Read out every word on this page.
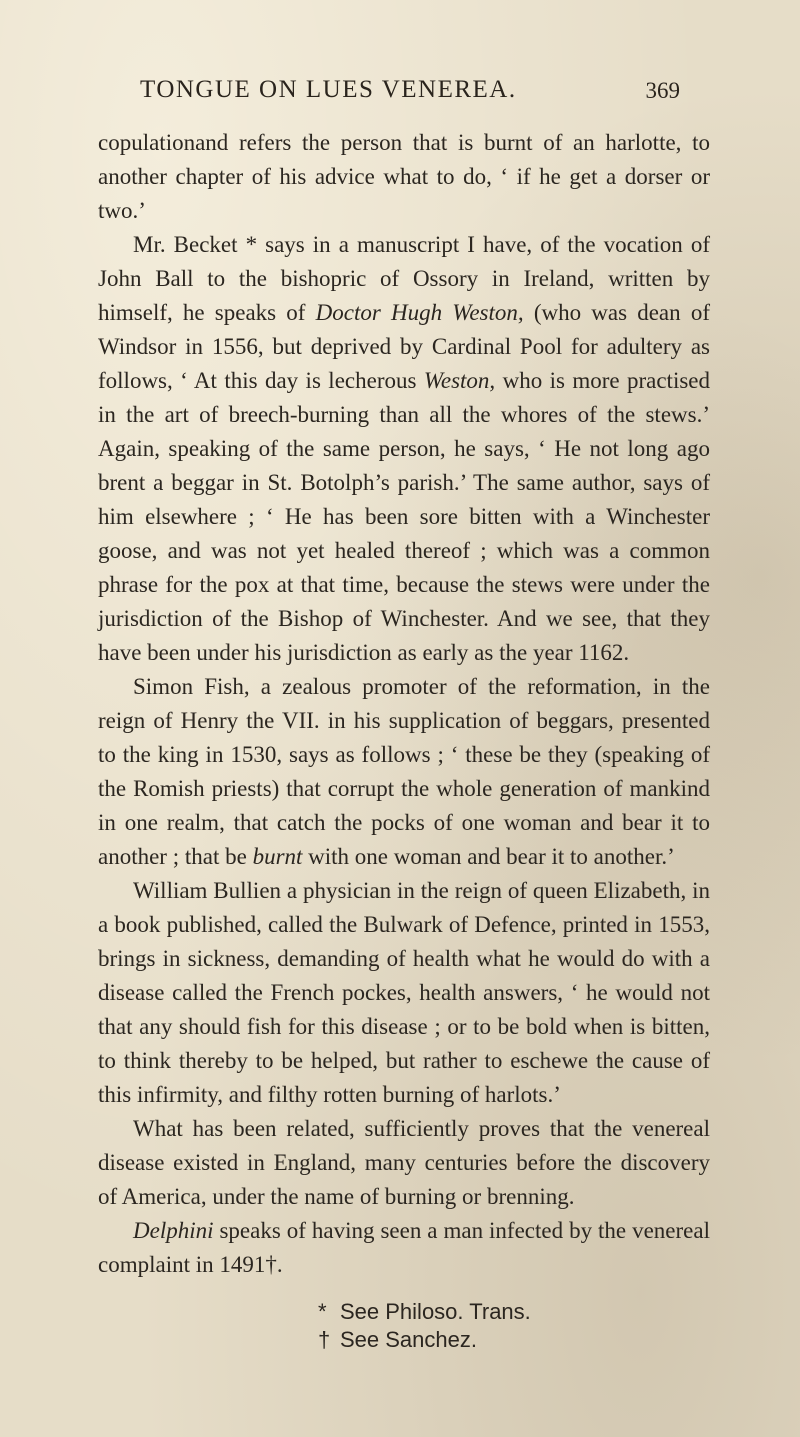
TONGUE ON LUES VENEREA.	369

copulationand refers the person that is burnt of an harlotte, to another chapter of his advice what to do, ‘ if he get a dorser or two.’

Mr. Becket * says in a manuscript I have, of the vocation of John Ball to the bishopric of Ossory in Ireland, written by himself, he speaks of Doctor Hugh Weston, (who was dean of Windsor in 1556, but deprived by Cardinal Pool for adultery as follows, ‘ At this day is lecherous Weston, who is more practised in the art of breech-burning than all the whores of the stews.’ Again, speaking of the same person, he says, ‘ He not long ago brent a beggar in St. Botolph’s parish.’ The same author, says of him elsewhere ; ‘ He has been sore bitten with a Winchester goose, and was not yet healed thereof ; which was a common phrase for the pox at that time, because the stews were under the jurisdiction of the Bishop of Winchester. And we see, that they have been under his jurisdiction as early as the year 1162.

Simon Fish, a zealous promoter of the reformation, in the reign of Henry the VII. in his supplication of beggars, presented to the king in 1530, says as follows ; ‘ these be they (speaking of the Romish priests) that corrupt the whole generation of mankind in one realm, that catch the pocks of one woman and bear it to another ; that be burnt with one woman and bear it to another.’

William Bullien a physician in the reign of queen Elizabeth, in a book published, called the Bulwark of Defence, printed in 1553, brings in sickness, demanding of health what he would do with a disease called the French pockes, health answers, ‘ he would not that any should fish for this disease ; or to be bold when is bitten, to think thereby to be helped, but rather to eschewe the cause of this infirmity, and filthy rotten burning of harlots.’

What has been related, sufficiently proves that the venereal disease existed in England, many centuries before the discovery of America, under the name of burning or brenning.

Delphini speaks of having seen a man infected by the venereal complaint in 1491†.

* See Philoso. Trans.
† See Sanchez.
